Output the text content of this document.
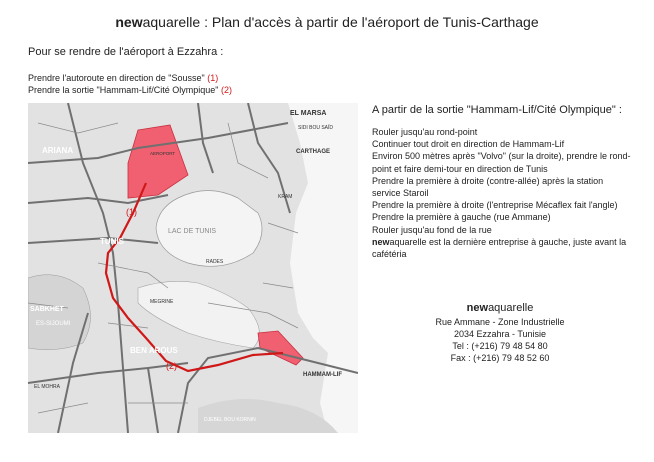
newaquarelle : Plan d'accès à partir de l'aéroport de Tunis-Carthage
Pour se rendre de l'aéroport à Ezzahra :
Prendre l'autoroute en direction de "Sousse" (1)
Prendre la sortie "Hammam-Lif/Cité Olympique" (2)
EL MARSA
SIDI BOU SAÏD
CARTHAGE
KRAM
ARIANA
TUNIS
LAC DE TUNIS
AEROPORT
BEN AROUS
HAMMAM-LIF
SABKHET
ES-SIJOUMI
EL MOHRA
MEGRINE
RADES
DJEBEL BOU KORNIN
(1)
(2)
A partir de la sortie "Hammam-Lif/Cité Olympique" :
Rouler jusqu'au rond-point
Continuer tout droit en direction de Hammam-Lif
Environ 500 mètres après "Volvo" (sur la droite), prendre le rond-point et faire demi-tour en direction de Tunis
Prendre la première à droite (contre-allée) après la station service Staroil
Prendre la première à droite (l'entreprise Mécaflex fait l'angle)
Prendre la première à gauche (rue Ammane)
Rouler jusqu'au fond de la rue
newaquarelle est la dernière entreprise à gauche, juste avant la cafétéria
newaquarelle
Rue Ammane - Zone Industrielle
2034 Ezzahra - Tunisie
Tel : (+216) 79 48 54 80
Fax : (+216) 79 48 52 60
